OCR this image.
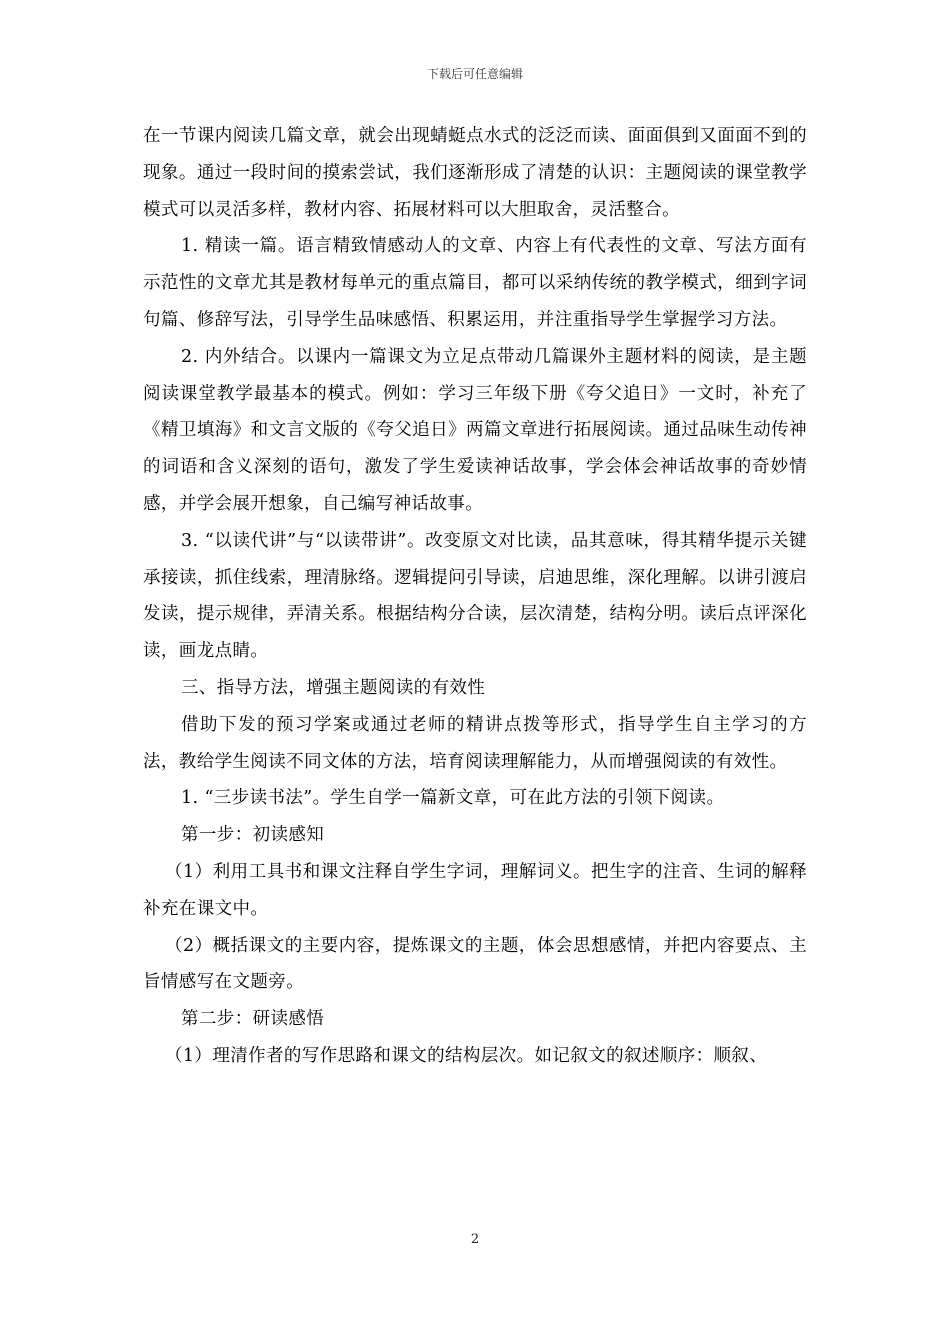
下载后可任意编辑

在一节课内阅读几篇文章，就会出现蜻蜓点水式的泛泛而读、面面俱到又面面不到的现象。通过一段时间的摸索尝试，我们逐渐形成了清楚的认识：主题阅读的课堂教学模式可以灵活多样，教材内容、拓展材料可以大胆取舍，灵活整合。

1. 精读一篇。语言精致情感动人的文章、内容上有代表性的文章、写法方面有示范性的文章尤其是教材每单元的重点篇目，都可以采纳传统的教学模式，细到字词句篇、修辞写法，引导学生品味感悟、积累运用，并注重指导学生掌握学习方法。

2. 内外结合。以课内一篇课文为立足点带动几篇课外主题材料的阅读，是主题阅读课堂教学最基本的模式。例如：学习三年级下册《夸父追日》一文时，补充了《精卫填海》和文言文版的《夸父追日》两篇文章进行拓展阅读。通过品味生动传神的词语和含义深刻的语句，激发了学生爱读神话故事，学会体会神话故事的奇妙情感，并学会展开想象，自己编写神话故事。

3. “以读代讲”与“以读带讲”。改变原文对比读，品其意味，得其精华提示关键承接读，抓住线索，理清脉络。逻辑提问引导读，启迪思维，深化理解。以讲引渡启发读，提示规律，弄清关系。根据结构分合读，层次清楚，结构分明。读后点评深化读，画龙点睛。

三、指导方法，增强主题阅读的有效性

借助下发的预习学案或通过老师的精讲点拨等形式，指导学生自主学习的方法，教给学生阅读不同文体的方法，培育阅读理解能力，从而增强阅读的有效性。

1. “三步读书法”。学生自学一篇新文章，可在此方法的引领下阅读。

第一步：初读感知

（1）利用工具书和课文注释自学生字词，理解词义。把生字的注音、生词的解释补充在课文中。

（2）概括课文的主要内容，提炼课文的主题，体会思想感情，并把内容要点、主旨情感写在文题旁。

第二步：研读感悟

（1）理清作者的写作思路和课文的结构层次。如记叙文的叙述顺序：顺叙、

2
